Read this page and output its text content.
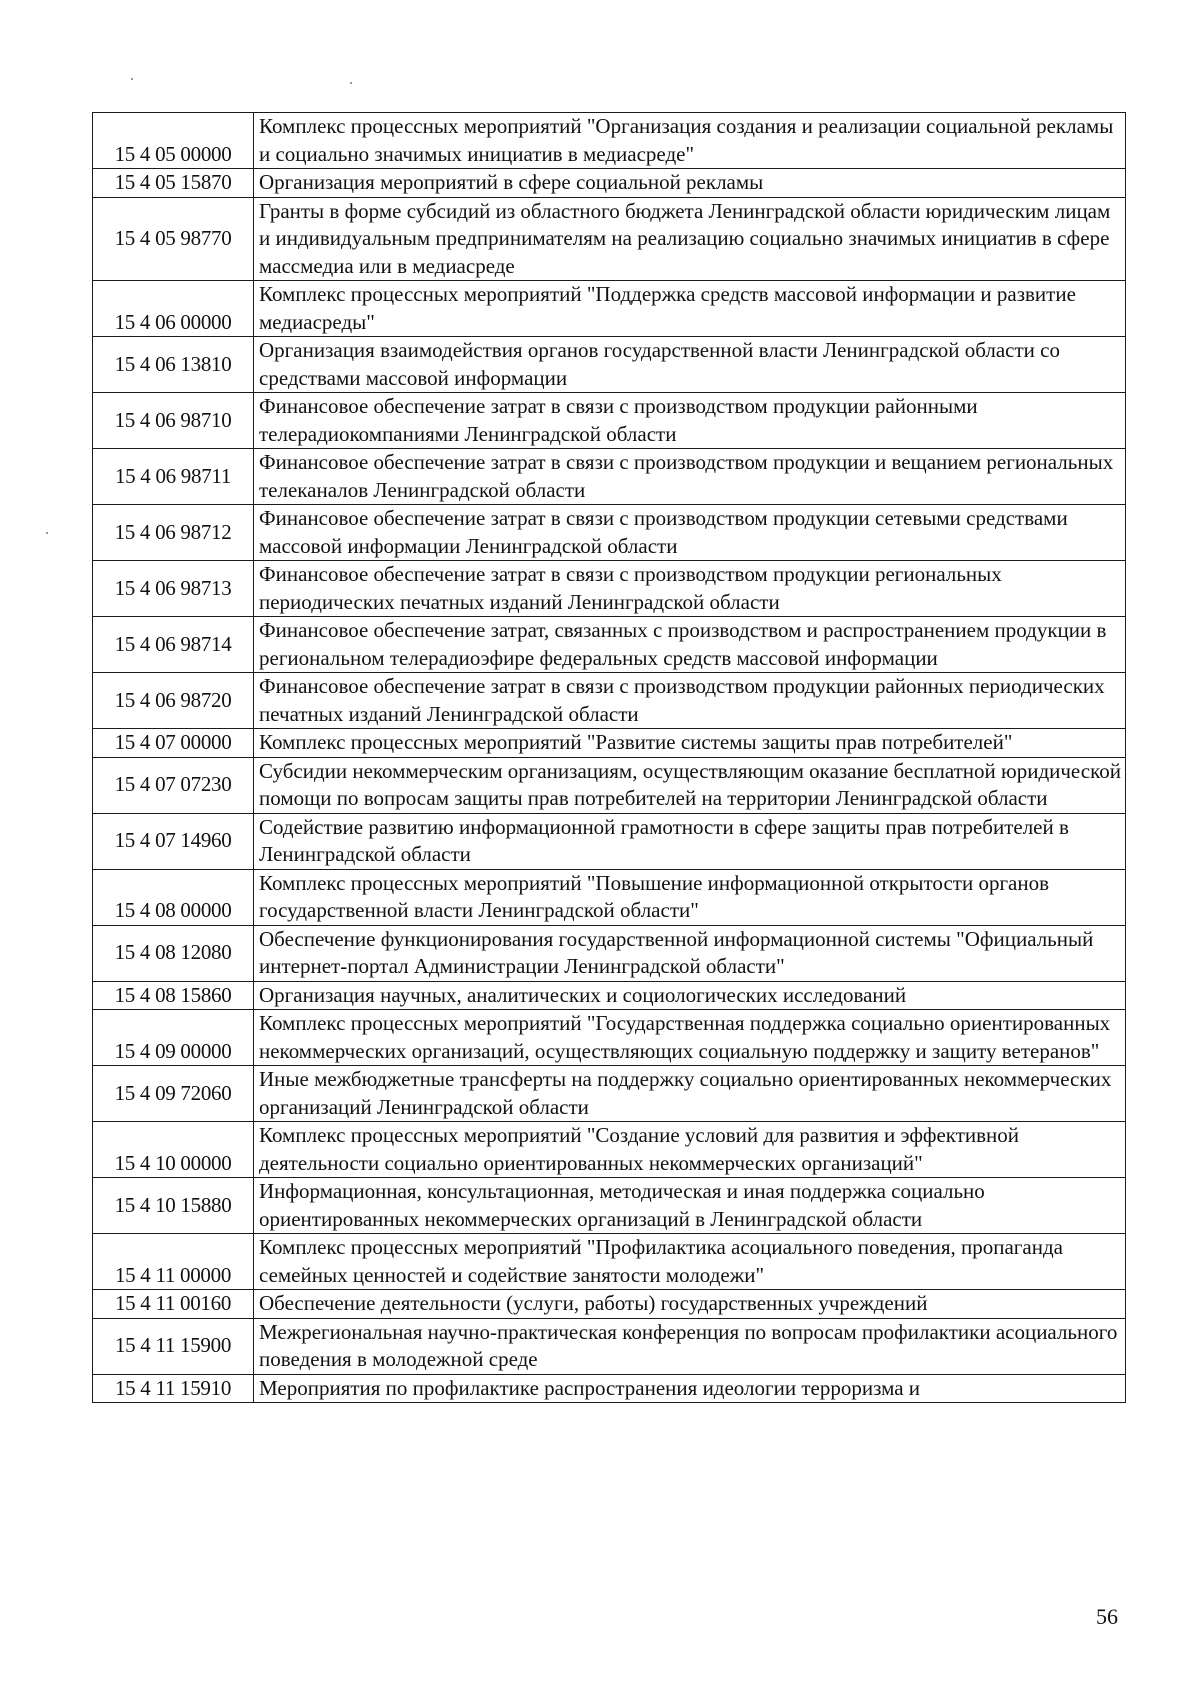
15 4 05 00000	Комплекс процессных мероприятий "Организация создания и реализации социальной рекламы и социально значимых инициатив в медиасреде"
15 4 05 15870	Организация мероприятий в сфере социальной рекламы
15 4 05 98770	Гранты в форме субсидий из областного бюджета Ленинградской области юридическим лицам и индивидуальным предпринимателям на реализацию социально значимых инициатив в сфере массмедиа или в медиасреде
15 4 06 00000	Комплекс процессных мероприятий "Поддержка средств массовой информации и развитие медиасреды"
15 4 06 13810	Организация взаимодействия органов государственной власти Ленинградской области со средствами массовой информации
15 4 06 98710	Финансовое обеспечение затрат в связи с производством продукции районными телерадиокомпаниями Ленинградской области
15 4 06 98711	Финансовое обеспечение затрат в связи с производством продукции и вещанием региональных телеканалов Ленинградской области
15 4 06 98712	Финансовое обеспечение затрат в связи с производством продукции сетевыми средствами массовой информации Ленинградской области
15 4 06 98713	Финансовое обеспечение затрат в связи с производством продукции региональных периодических печатных изданий Ленинградской области
15 4 06 98714	Финансовое обеспечение затрат, связанных с производством и распространением продукции в региональном телерадиоэфире федеральных средств массовой информации
15 4 06 98720	Финансовое обеспечение затрат в связи с производством продукции районных периодических печатных изданий Ленинградской области
15 4 07 00000	Комплекс процессных мероприятий "Развитие системы защиты прав потребителей"
15 4 07 07230	Субсидии некоммерческим организациям, осуществляющим оказание бесплатной юридической помощи по вопросам защиты прав потребителей на территории Ленинградской области
15 4 07 14960	Содействие развитию информационной грамотности в сфере защиты прав потребителей в Ленинградской области
15 4 08 00000	Комплекс процессных мероприятий "Повышение информационной открытости органов государственной власти Ленинградской области"
15 4 08 12080	Обеспечение функционирования государственной информационной системы "Официальный интернет-портал Администрации Ленинградской области"
15 4 08 15860	Организация научных, аналитических и социологических исследований
15 4 09 00000	Комплекс процессных мероприятий "Государственная поддержка социально ориентированных некоммерческих организаций, осуществляющих социальную поддержку и защиту ветеранов"
15 4 09 72060	Иные межбюджетные трансферты на поддержку социально ориентированных некоммерческих организаций Ленинградской области
15 4 10 00000	Комплекс процессных мероприятий "Создание условий для развития и эффективной деятельности социально ориентированных некоммерческих организаций"
15 4 10 15880	Информационная, консультационная, методическая и иная поддержка социально ориентированных некоммерческих организаций в Ленинградской области
15 4 11 00000	Комплекс процессных мероприятий "Профилактика асоциального поведения, пропаганда семейных ценностей и содействие занятости молодежи"
15 4 11 00160	Обеспечение деятельности (услуги, работы) государственных учреждений
15 4 11 15900	Межрегиональная научно-практическая конференция по вопросам профилактики асоциального поведения в молодежной среде
15 4 11 15910	Мероприятия по профилактике распространения идеологии терроризма и
56
